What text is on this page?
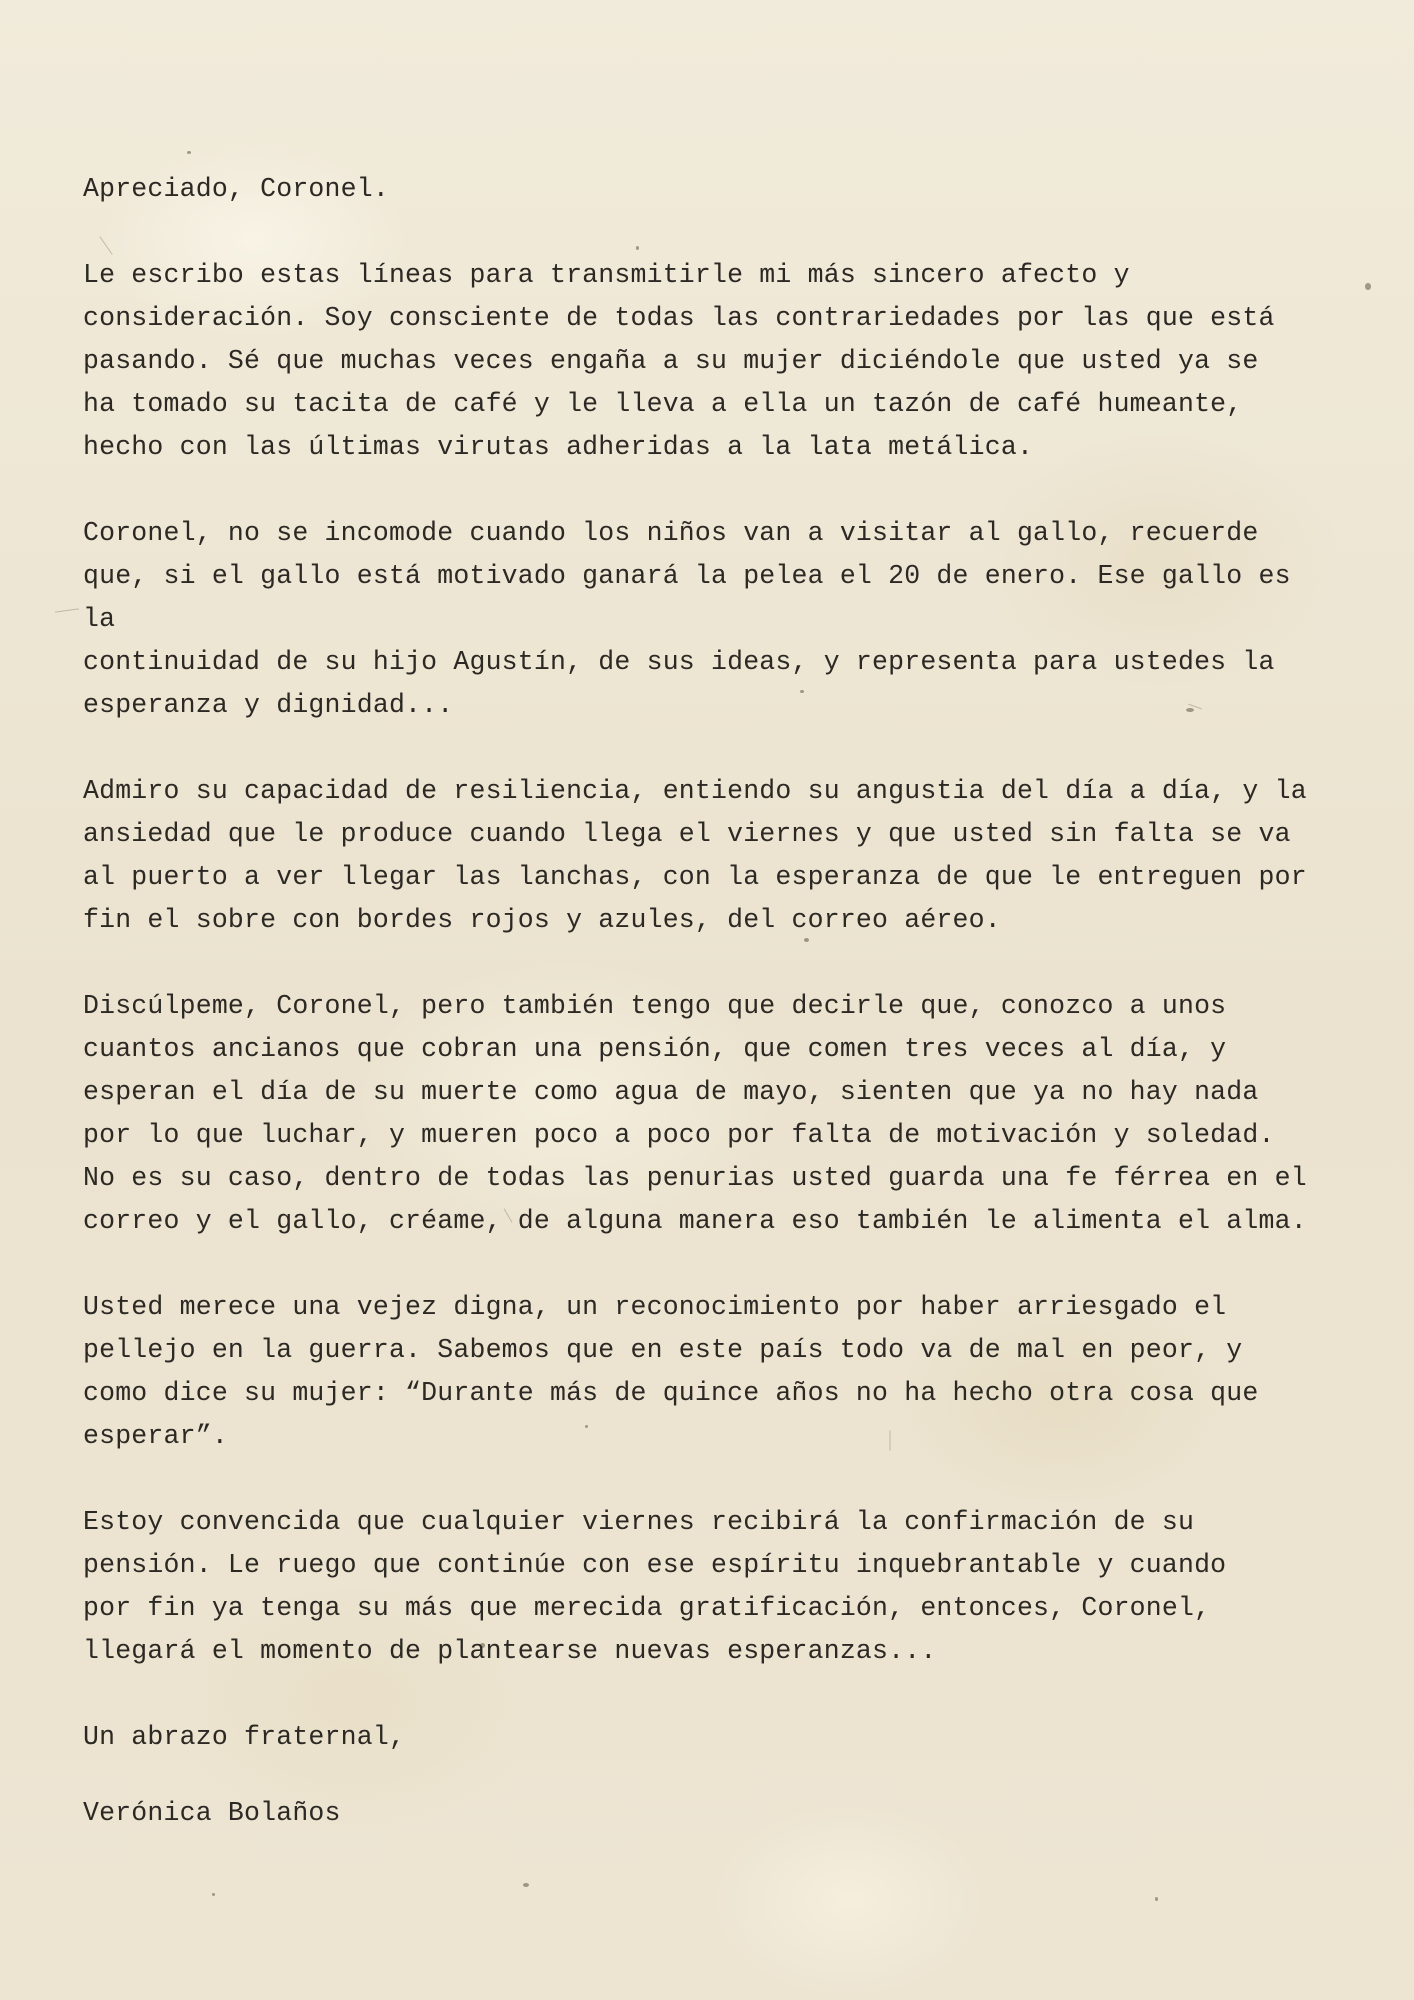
Apreciado, Coronel.

Le escribo estas líneas para transmitirle mi más sincero afecto y
consideración. Soy consciente de todas las contrariedades por las que está
pasando. Sé que muchas veces engaña a su mujer diciéndole que usted ya se
ha tomado su tacita de café y le lleva a ella un tazón de café humeante,
hecho con las últimas virutas adheridas a la lata metálica.

Coronel, no se incomode cuando los niños van a visitar al gallo, recuerde
que, si el gallo está motivado ganará la pelea el 20 de enero. Ese gallo es la
continuidad de su hijo Agustín, de sus ideas, y representa para ustedes la
esperanza y dignidad...

Admiro su capacidad de resiliencia, entiendo su angustia del día a día, y la
ansiedad que le produce cuando llega el viernes y que usted sin falta se va
al puerto a ver llegar las lanchas, con la esperanza de que le entreguen por
fin el sobre con bordes rojos y azules, del correo aéreo.

Discúlpeme, Coronel, pero también tengo que decirle que, conozco a unos
cuantos ancianos que cobran una pensión, que comen tres veces al día, y
esperan el día de su muerte como agua de mayo, sienten que ya no hay nada
por lo que luchar, y mueren poco a poco por falta de motivación y soledad.
No es su caso, dentro de todas las penurias usted guarda una fe férrea en el
correo y el gallo, créame, de alguna manera eso también le alimenta el alma.

Usted merece una vejez digna, un reconocimiento por haber arriesgado el
pellejo en la guerra. Sabemos que en este país todo va de mal en peor, y
como dice su mujer: “Durante más de quince años no ha hecho otra cosa que
esperar”.

Estoy convencida que cualquier viernes recibirá la confirmación de su
pensión. Le ruego que continúe con ese espíritu inquebrantable y cuando
por fin ya tenga su más que merecida gratificación, entonces, Coronel,
llegará el momento de plantearse nuevas esperanzas...

Un abrazo fraternal,

Verónica Bolaños
